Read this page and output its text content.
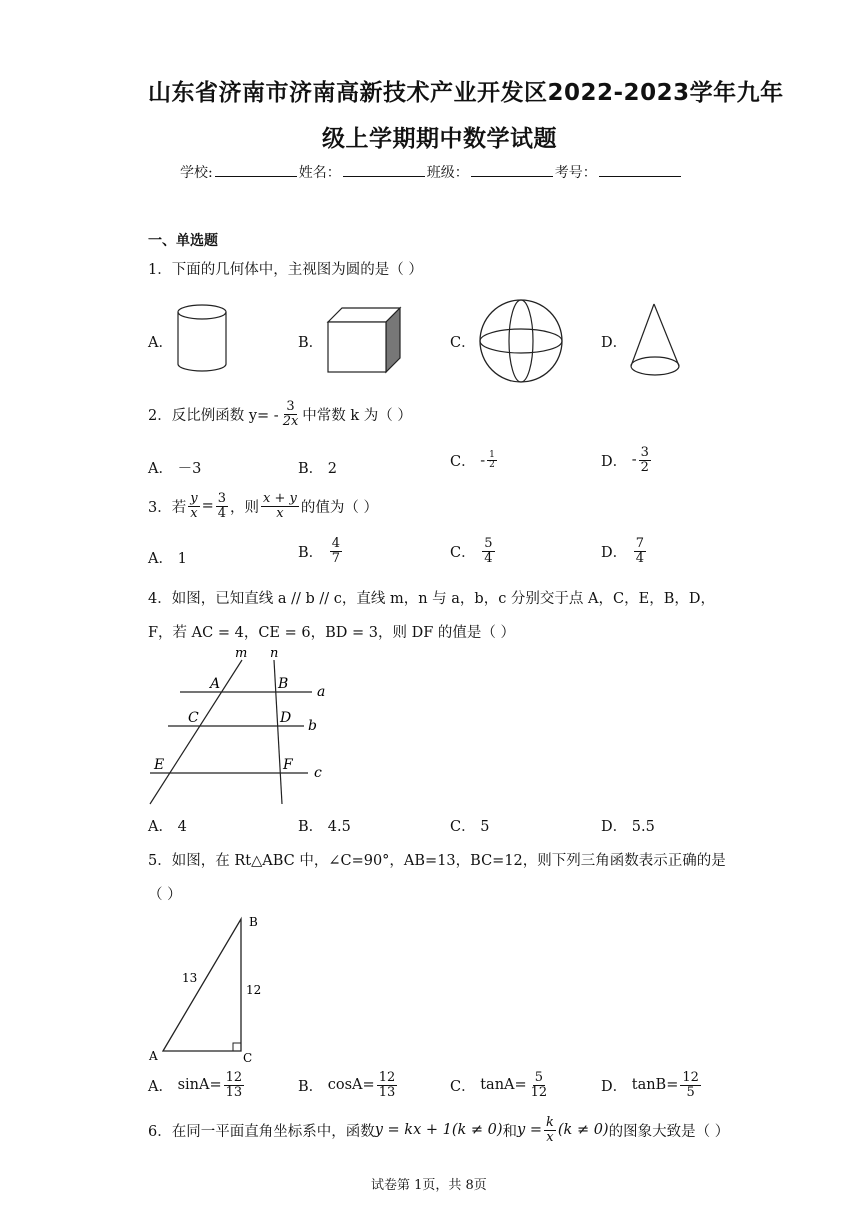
山东省济南市济南高新技术产业开发区2022-2023学年九年
级上学期期中数学试题
学校:	姓名：	班级：	考号：
一、单选题
1．下面的几何体中，主视图为圆的是（ ）
A．	B．	C．	D．
2．反比例函数 $y= - \frac{3}{2x}$ 中常数 k 为（ ）
A． －3	B． 2	C．
- $\frac{1}{2}$	D．
- $\frac{3}{2}$
3．若 $\frac{y}{x} = \frac{3}{4}$ ，则 $\frac{x + y}{x}$ 的值为（ ）
A． 1	B．
$\frac{4}{7}$	C．
$\frac{5}{4}$	D．
$\frac{7}{4}$
4．如图，已知直线 a // b // c，直线 m，n 与 a，b，c 分别交于点 A，C，E，B，D，
F，若 AC = 4，CE = 6，BD = 3，则 DF 的值是（ ）
m n
A	B a
C	D b
E	F c
A． 4	B． 4.5	C． 5	D． 5.5
5．如图，在 Rt△ABC 中，∠C=90°，AB=13，BC=12，则下列三角函数表示正确的是
（ ）
B
A	C
13
12
A．
$\sin A= \frac{12}{13}$	B．
$\cos A= \frac{12}{13}$	C．
$\tan A= \frac{5}{12}$	D．
$\tan B= \frac{12}{5}$
6．在同一平面直角坐标系中，函数 y = kx + 1(k ≠ 0) 和 $y = \frac{k}{x} (k \ne 0)$ 的图象大致是（ ）
试卷第 1页，共 8页
